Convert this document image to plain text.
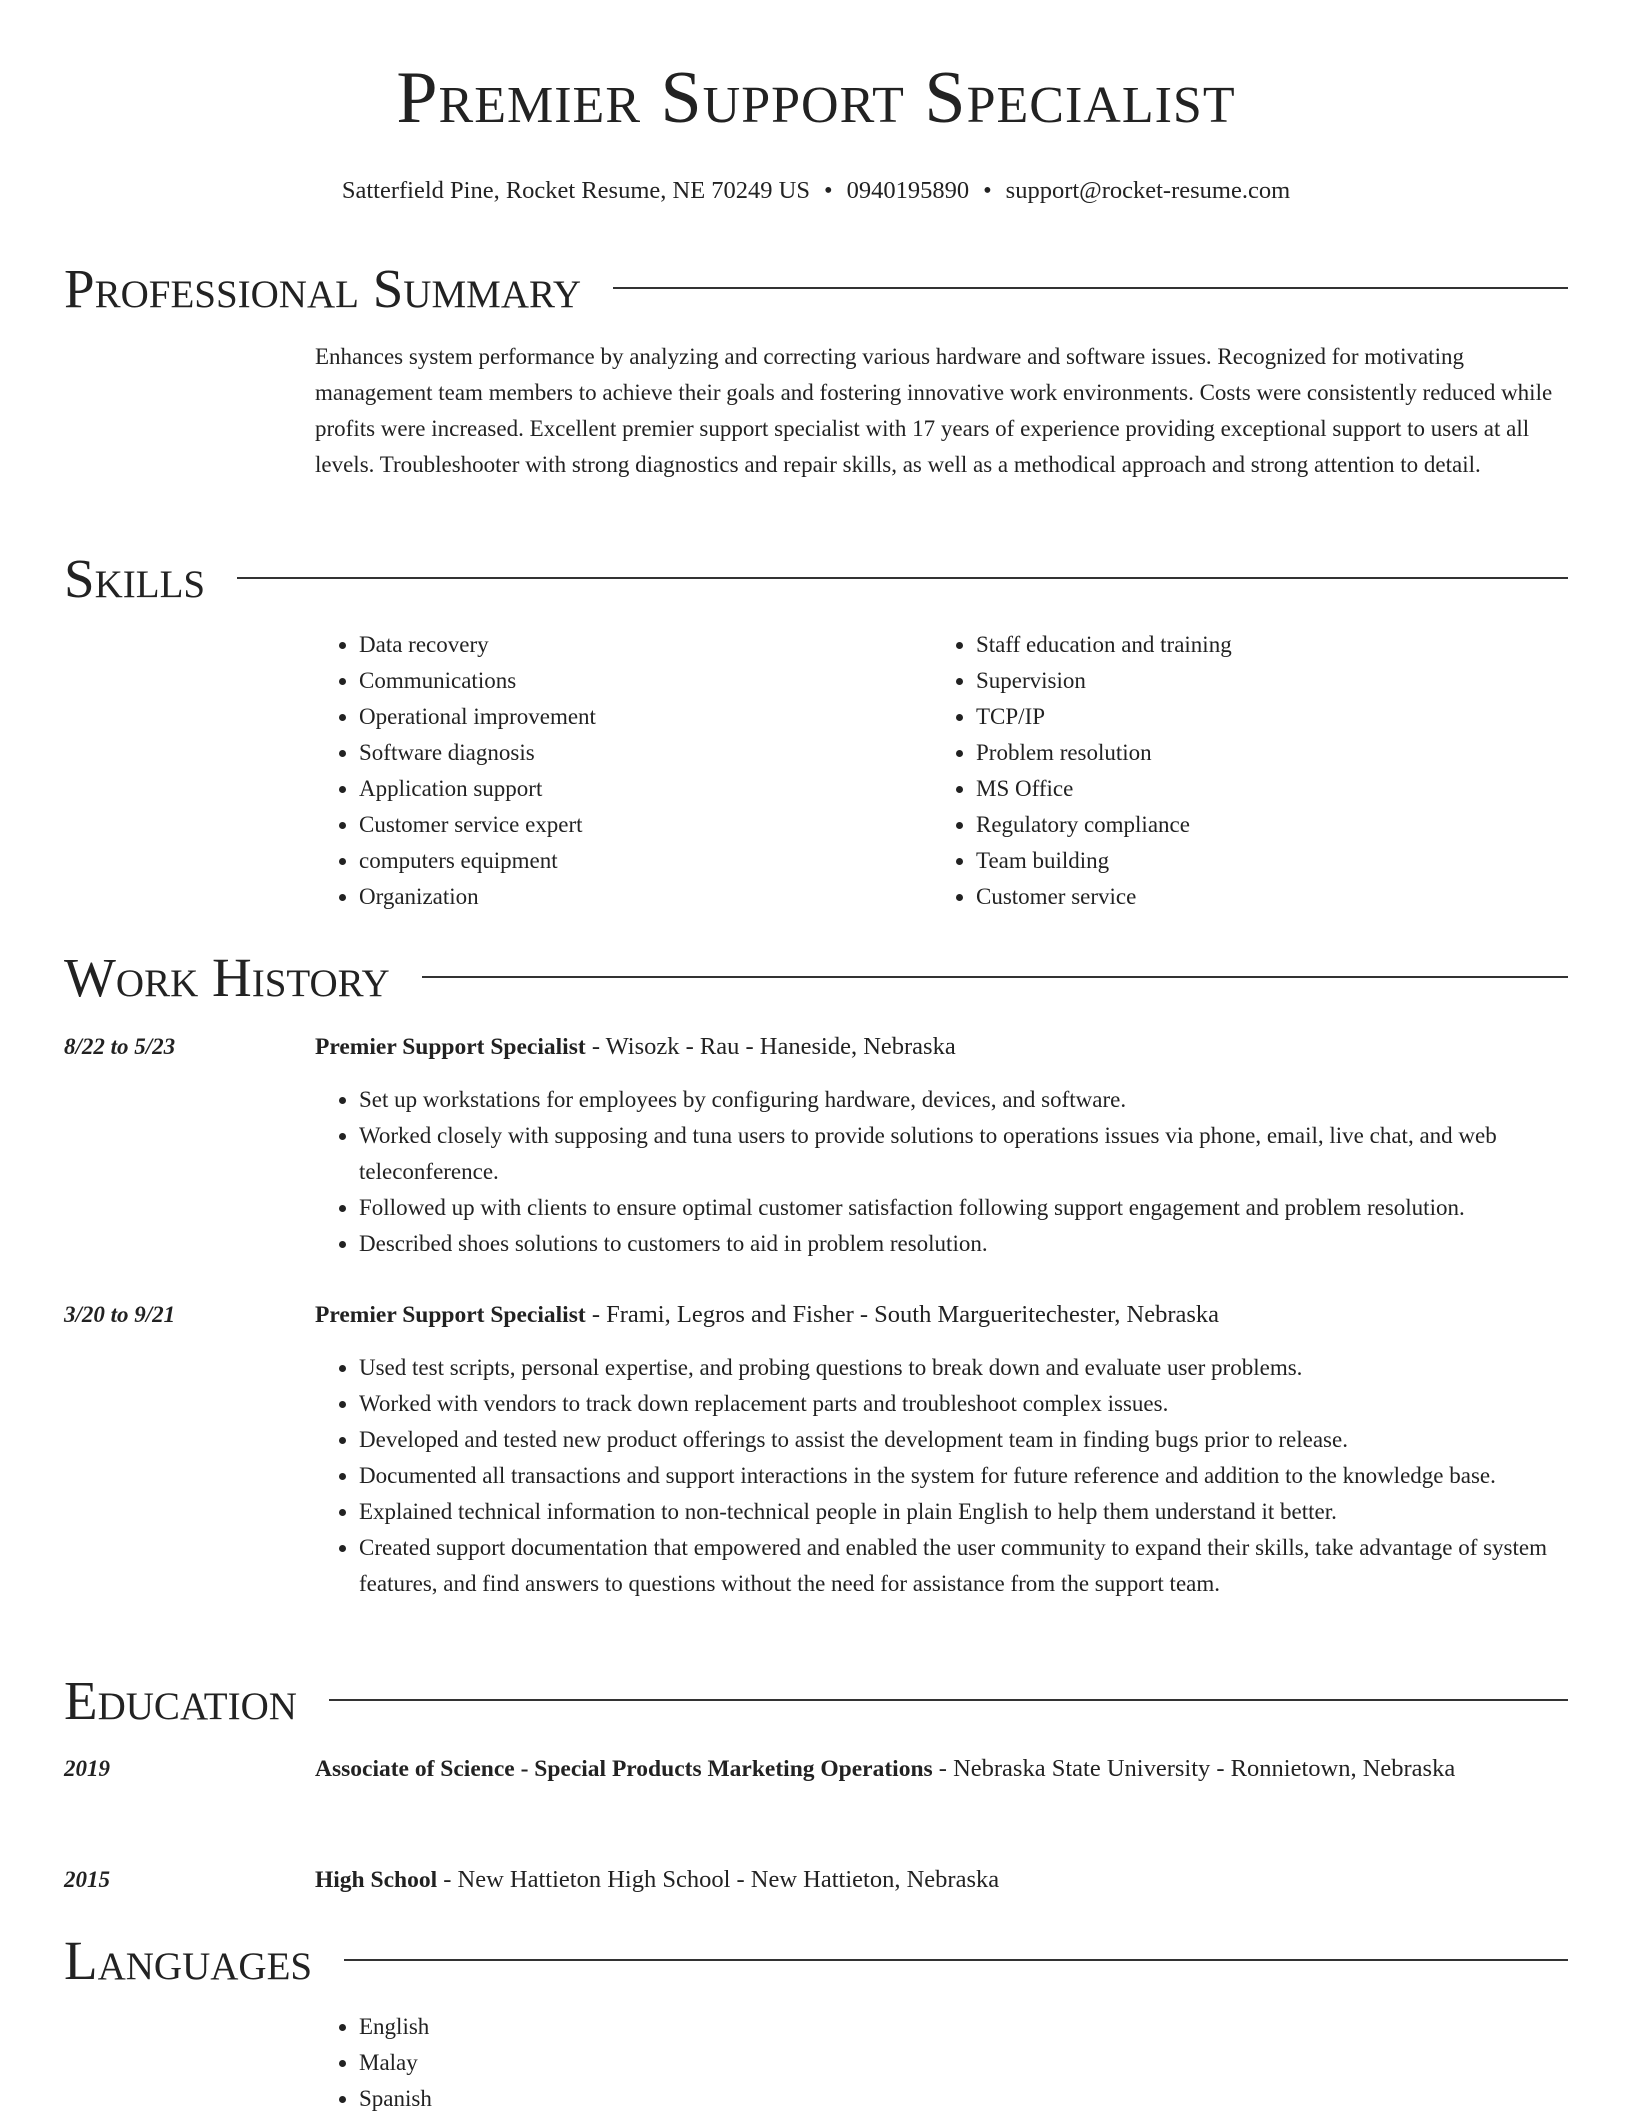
Premier Support Specialist
Satterfield Pine, Rocket Resume, NE 70249 US • 0940195890 • support@rocket-resume.com
Professional Summary
Enhances system performance by analyzing and correcting various hardware and software issues. Recognized for motivating management team members to achieve their goals and fostering innovative work environments. Costs were consistently reduced while profits were increased. Excellent premier support specialist with 17 years of experience providing exceptional support to users at all levels. Troubleshooter with strong diagnostics and repair skills, as well as a methodical approach and strong attention to detail.
Skills
• Data recovery
• Communications
• Operational improvement
• Software diagnosis
• Application support
• Customer service expert
• computers equipment
• Organization
• Staff education and training
• Supervision
• TCP/IP
• Problem resolution
• MS Office
• Regulatory compliance
• Team building
• Customer service
Work History
8/22 to 5/23	Premier Support Specialist - Wisozk - Rau - Haneside, Nebraska
• Set up workstations for employees by configuring hardware, devices, and software.
• Worked closely with supposing and tuna users to provide solutions to operations issues via phone, email, live chat, and web teleconference.
• Followed up with clients to ensure optimal customer satisfaction following support engagement and problem resolution.
• Described shoes solutions to customers to aid in problem resolution.
3/20 to 9/21	Premier Support Specialist - Frami, Legros and Fisher - South Margueritechester, Nebraska
• Used test scripts, personal expertise, and probing questions to break down and evaluate user problems.
• Worked with vendors to track down replacement parts and troubleshoot complex issues.
• Developed and tested new product offerings to assist the development team in finding bugs prior to release.
• Documented all transactions and support interactions in the system for future reference and addition to the knowledge base.
• Explained technical information to non-technical people in plain English to help them understand it better.
• Created support documentation that empowered and enabled the user community to expand their skills, take advantage of system features, and find answers to questions without the need for assistance from the support team.
Education
2019	Associate of Science - Special Products Marketing Operations - Nebraska State University - Ronnietown, Nebraska
2015	High School - New Hattieton High School - New Hattieton, Nebraska
Languages
• English
• Malay
• Spanish
